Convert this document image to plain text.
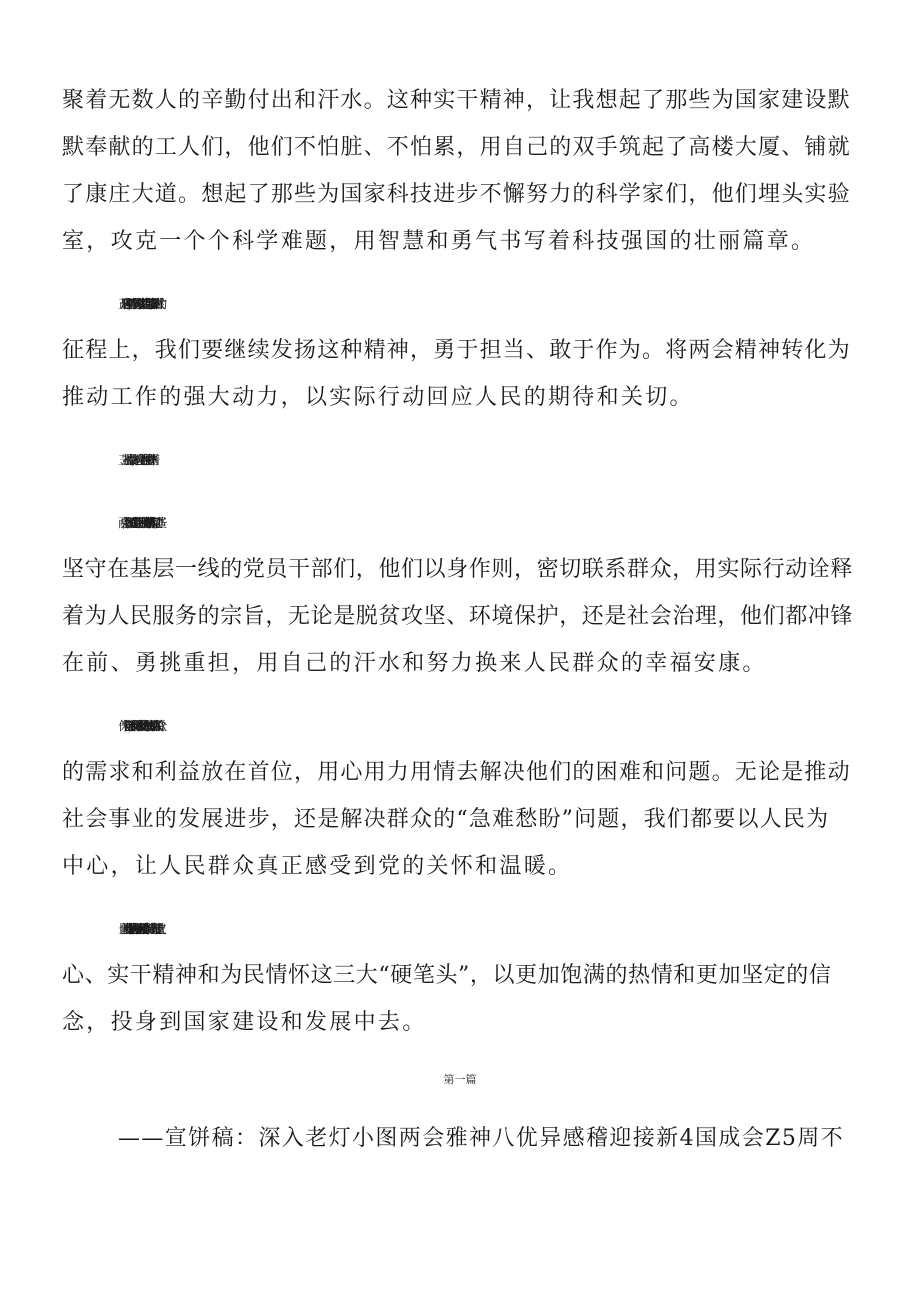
聚着无数人的辛勤付出和汗水。这种实干精神，让我想起了那些为国家建设默
默奉献的工人们，他们不怕脏、不怕累，用自己的双手筑起了高楼大厦、铺就
了康庄大道。想起了那些为国家科技进步不懈努力的科学家们，他们埋头实验
室，攻克一个个科学难题，用智慧和勇气书写着科技强国的壮丽篇章。
正是这种实干精神，让我们国家从贫穷落后走向了繁荣富强。在新时代的
征程上，我们要继续发扬这种精神，勇于担当、敢于作为。将两会精神转化为
推动工作的强大动力，以实际行动回应人民的期待和关切。
三、紧握为民情怀，绘画全心为民的精神图谱
两会中，我深切感受到了基层干部为民服务的真挚情感和实际行动。那些
坚守在基层一线的党员干部们，他们以身作则，密切联系群众，用实际行动诠释
着为人民服务的宗旨，无论是脱贫攻坚、环境保护，还是社会治理，他们都冲锋
在前、勇挑重担，用自己的汗水和努力换来人民群众的幸福安康。
作为一名党员干部，我们要继承和发扬这种为民情怀。要始终将人民群众
的需求和利益放在首位，用心用力用情去解决他们的困难和问题。无论是推动
社会事业的发展进步，还是解决群众的“急难愁盼”问题，我们都要以人民为
中心，让人民群众真正感受到党的关怀和温暖。
全国两会所传递的精神和力量将永远激励着我们前行。让我们紧握忠诚之
心、实干精神和为民情怀这三大“硬笔头”，以更加饱满的热情和更加坚定的信
念，投身到国家建设和发展中去。
第一篇
——宣饼稿：深入老灯小图两会雅神八优异感稽迎接新4国成会Z5周不
